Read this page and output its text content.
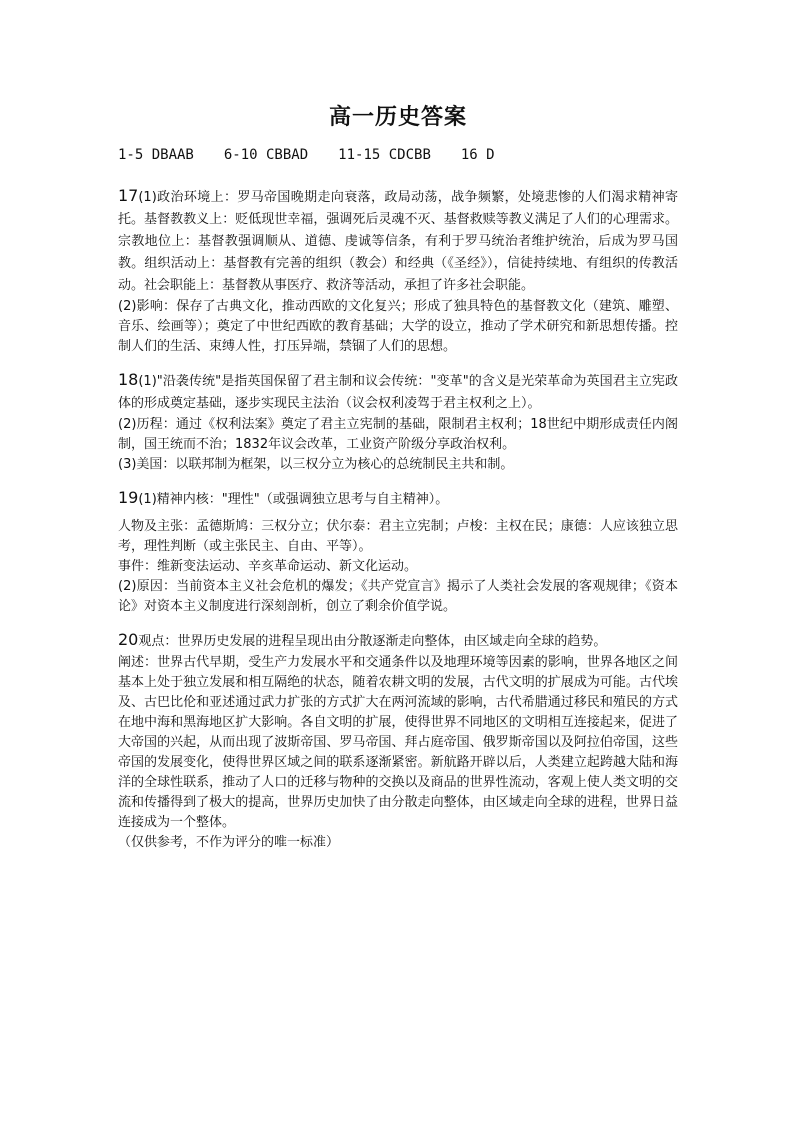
高一历史答案
1-5 DBAAB 6-10 CBBAD 11-15 CDCBB 16 D

17(1)政治环境上：罗马帝国晚期走向衰落，政局动荡，战争频繁，处境悲惨的人们渴求精神寄托。基督教教义上：贬低现世幸福，强调死后灵魂不灭、基督救赎等教义满足了人们的心理需求。宗教地位上：基督教强调顺从、道德、虔诚等信条，有利于罗马统治者维护统治，后成为罗马国教。组织活动上：基督教有完善的组织（教会）和经典（《圣经》），信徒持续地、有组织的传教活动。社会职能上：基督教从事医疗、救济等活动，承担了许多社会职能。

(2)影响：保存了古典文化，推动西欧的文化复兴；形成了独具特色的基督教文化（建筑、雕塑、音乐、绘画等）；奠定了中世纪西欧的教育基础；大学的设立，推动了学术研究和新思想传播。控制人们的生活、束缚人性，打压异端，禁锢了人们的思想。

18(1)"沿袭传统"是指英国保留了君主制和议会传统："变革"的含义是光荣革命为英国君主立宪政体的形成奠定基础，逐步实现民主法治（议会权利凌驾于君主权利之上）。

(2)历程：通过《权利法案》奠定了君主立宪制的基础，限制君主权利；18世纪中期形成责任内阁制，国王统而不治；1832年议会改革，工业资产阶级分享政治权利。

(3)美国：以联邦制为框架，以三权分立为核心的总统制民主共和制。

19(1)精神内核："理性"（或强调独立思考与自主精神）。

人物及主张：孟德斯鸠：三权分立；伏尔泰：君主立宪制；卢梭：主权在民；康德：人应该独立思考，理性判断（或主张民主、自由、平等）。

事件：维新变法运动、辛亥革命运动、新文化运动。

(2)原因：当前资本主义社会危机的爆发；《共产党宣言》揭示了人类社会发展的客观规律；《资本论》对资本主义制度进行深刻剖析，创立了剩余价值学说。

20观点：世界历史发展的进程呈现出由分散逐渐走向整体，由区域走向全球的趋势。

阐述：世界古代早期，受生产力发展水平和交通条件以及地理环境等因素的影响，世界各地区之间基本上处于独立发展和相互隔绝的状态，随着农耕文明的发展，古代文明的扩展成为可能。古代埃及、古巴比伦和亚述通过武力扩张的方式扩大在两河流域的影响，古代希腊通过移民和殖民的方式在地中海和黑海地区扩大影响。各自文明的扩展，使得世界不同地区的文明相互连接起来，促进了大帝国的兴起，从而出现了波斯帝国、罗马帝国、拜占庭帝国、俄罗斯帝国以及阿拉伯帝国，这些帝国的发展变化，使得世界区域之间的联系逐渐紧密。新航路开辟以后，人类建立起跨越大陆和海洋的全球性联系，推动了人口的迁移与物种的交换以及商品的世界性流动，客观上使人类文明的交流和传播得到了极大的提高，世界历史加快了由分散走向整体，由区域走向全球的进程，世界日益连接成为一个整体。

（仅供参考，不作为评分的唯一标准）
